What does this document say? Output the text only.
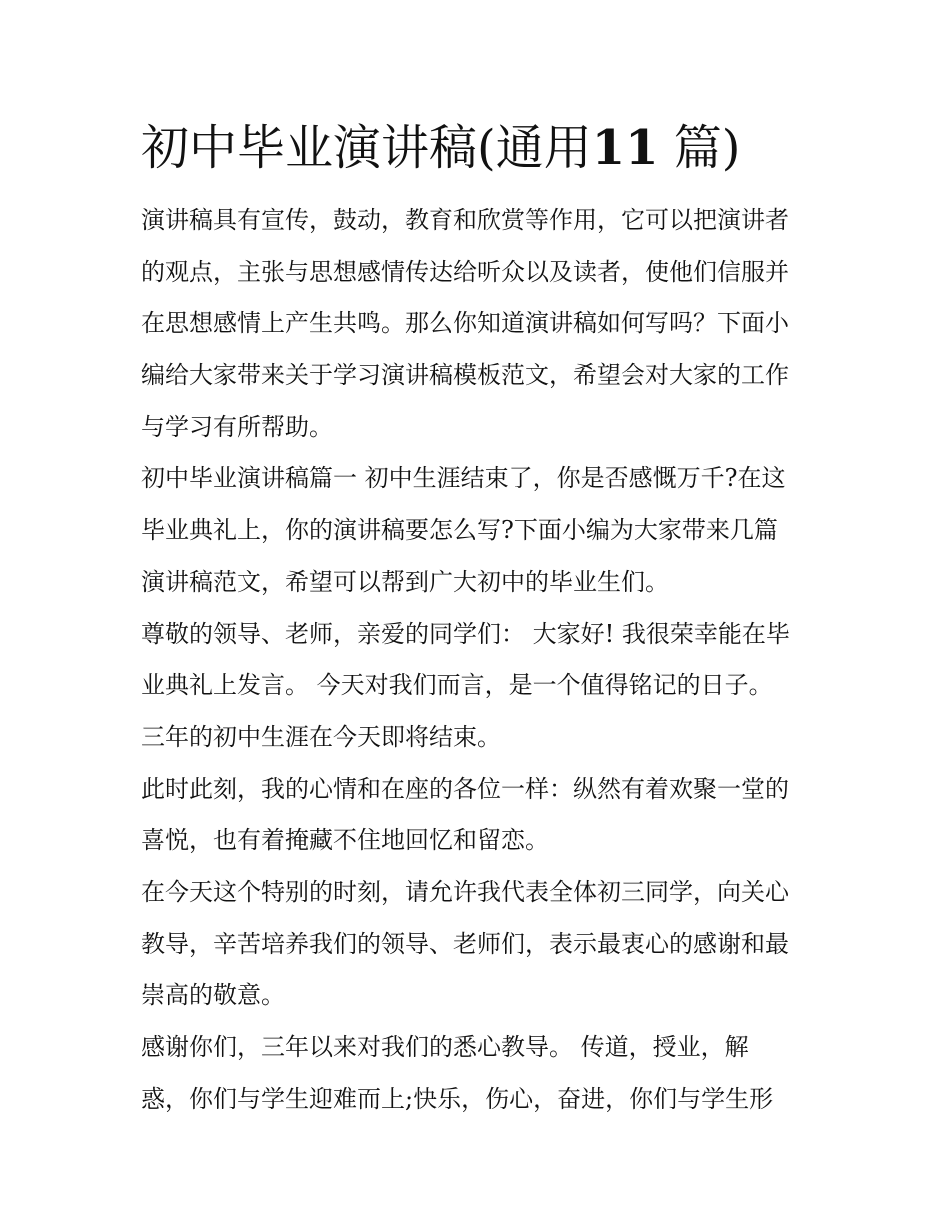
初中毕业演讲稿(通用11 篇)
演讲稿具有宣传，鼓动，教育和欣赏等作用，它可以把演讲者
的观点，主张与思想感情传达给听众以及读者，使他们信服并
在思想感情上产生共鸣。那么你知道演讲稿如何写吗？下面小
编给大家带来关于学习演讲稿模板范文，希望会对大家的工作
与学习有所帮助。
初中毕业演讲稿篇一 初中生涯结束了，你是否感慨万千?在这
毕业典礼上，你的演讲稿要怎么写?下面小编为大家带来几篇
演讲稿范文，希望可以帮到广大初中的毕业生们。
尊敬的领导、老师，亲爱的同学们： 大家好! 我很荣幸能在毕
业典礼上发言。 今天对我们而言，是一个值得铭记的日子。
三年的初中生涯在今天即将结束。
此时此刻，我的心情和在座的各位一样：纵然有着欢聚一堂的
喜悦，也有着掩藏不住地回忆和留恋。
在今天这个特别的时刻，请允许我代表全体初三同学，向关心
教导，辛苦培养我们的领导、老师们，表示最衷心的感谢和最
崇高的敬意。
感谢你们，三年以来对我们的悉心教导。 传道，授业，解
惑，你们与学生迎难而上;快乐，伤心，奋进，你们与学生形
